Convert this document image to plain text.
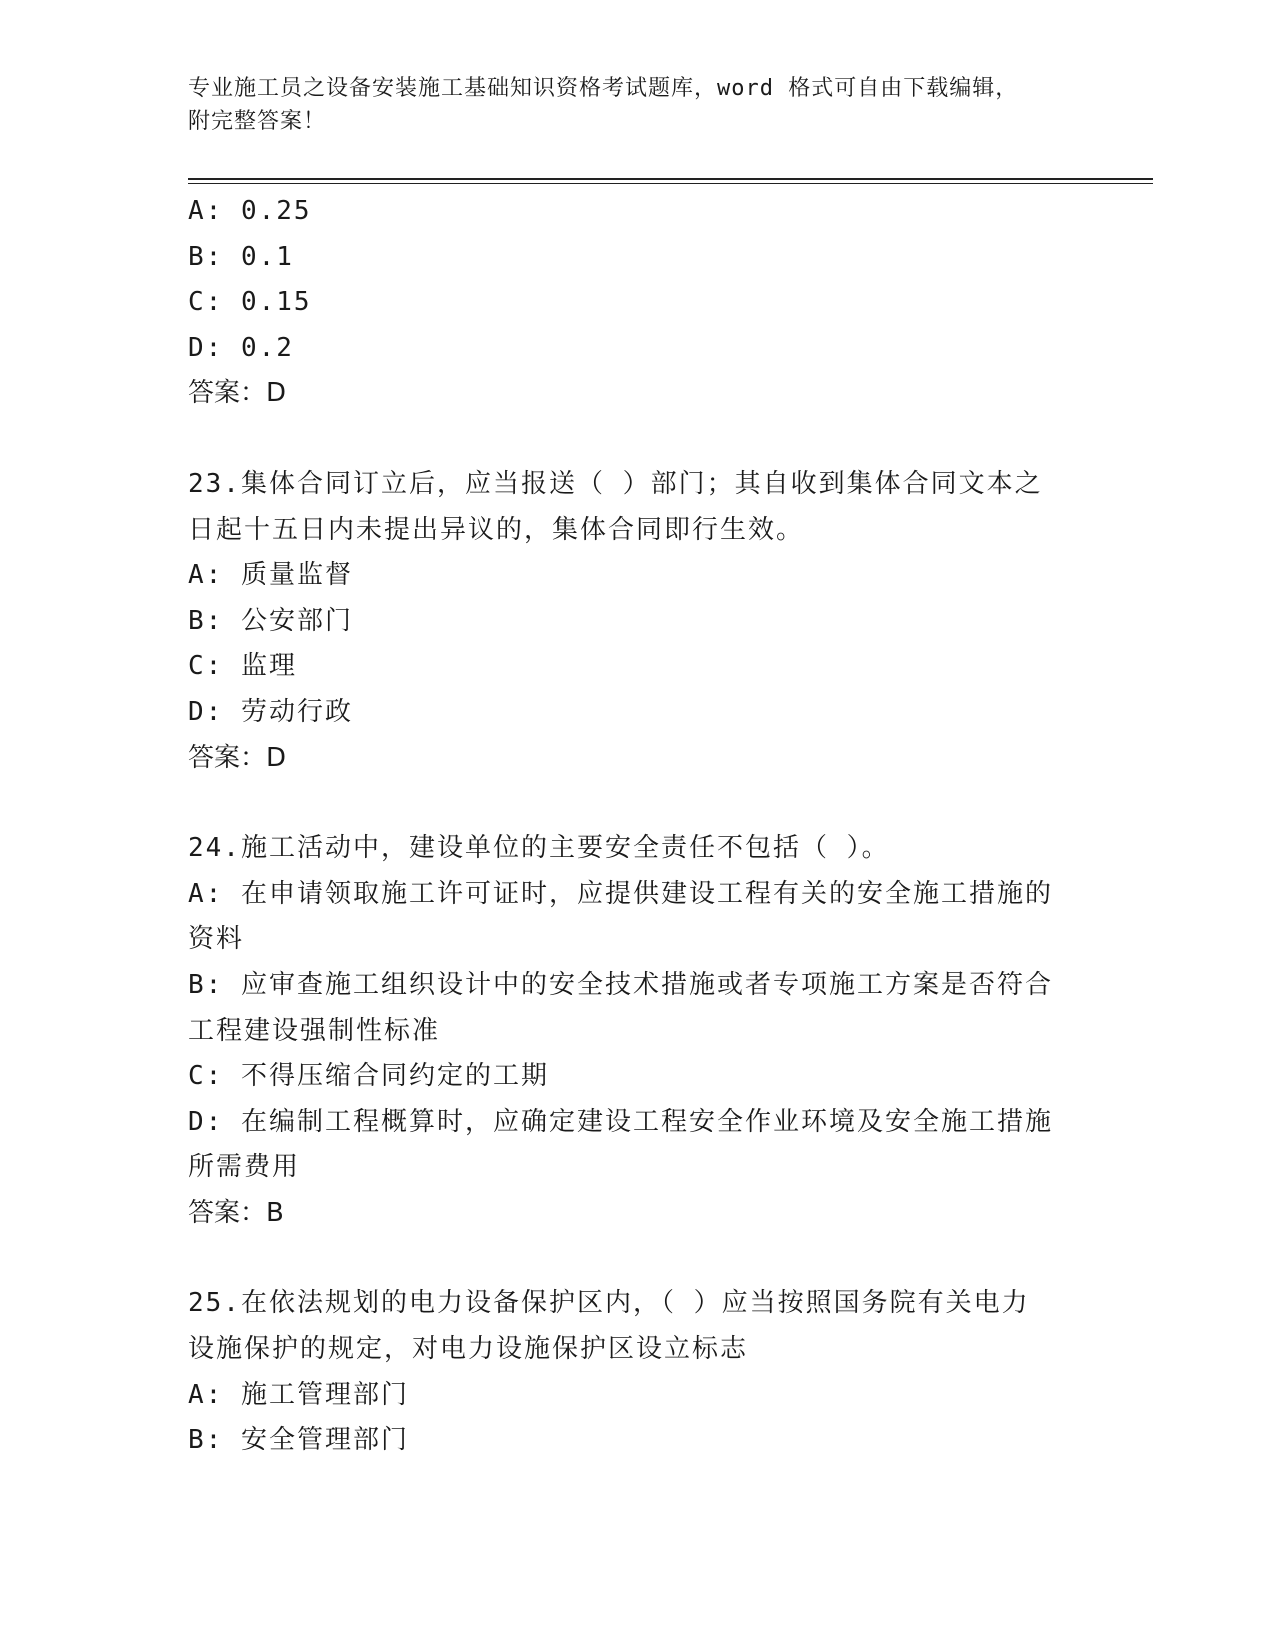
专业施工员之设备安装施工基础知识资格考试题库，word 格式可自由下载编辑，
附完整答案！
A: 0.25
B: 0.1
C: 0.15
D: 0.2
答案：D
23.集体合同订立后，应当报送（ ）部门；其自收到集体合同文本之
日起十五日内未提出异议的，集体合同即行生效。
A: 质量监督
B: 公安部门
C: 监理
D: 劳动行政
答案：D
24.施工活动中，建设单位的主要安全责任不包括（ ）。
A: 在申请领取施工许可证时，应提供建设工程有关的安全施工措施的
资料
B: 应审查施工组织设计中的安全技术措施或者专项施工方案是否符合
工程建设强制性标准
C: 不得压缩合同约定的工期
D: 在编制工程概算时，应确定建设工程安全作业环境及安全施工措施
所需费用
答案：B
25.在依法规划的电力设备保护区内，（ ）应当按照国务院有关电力
设施保护的规定，对电力设施保护区设立标志
A: 施工管理部门
B: 安全管理部门
